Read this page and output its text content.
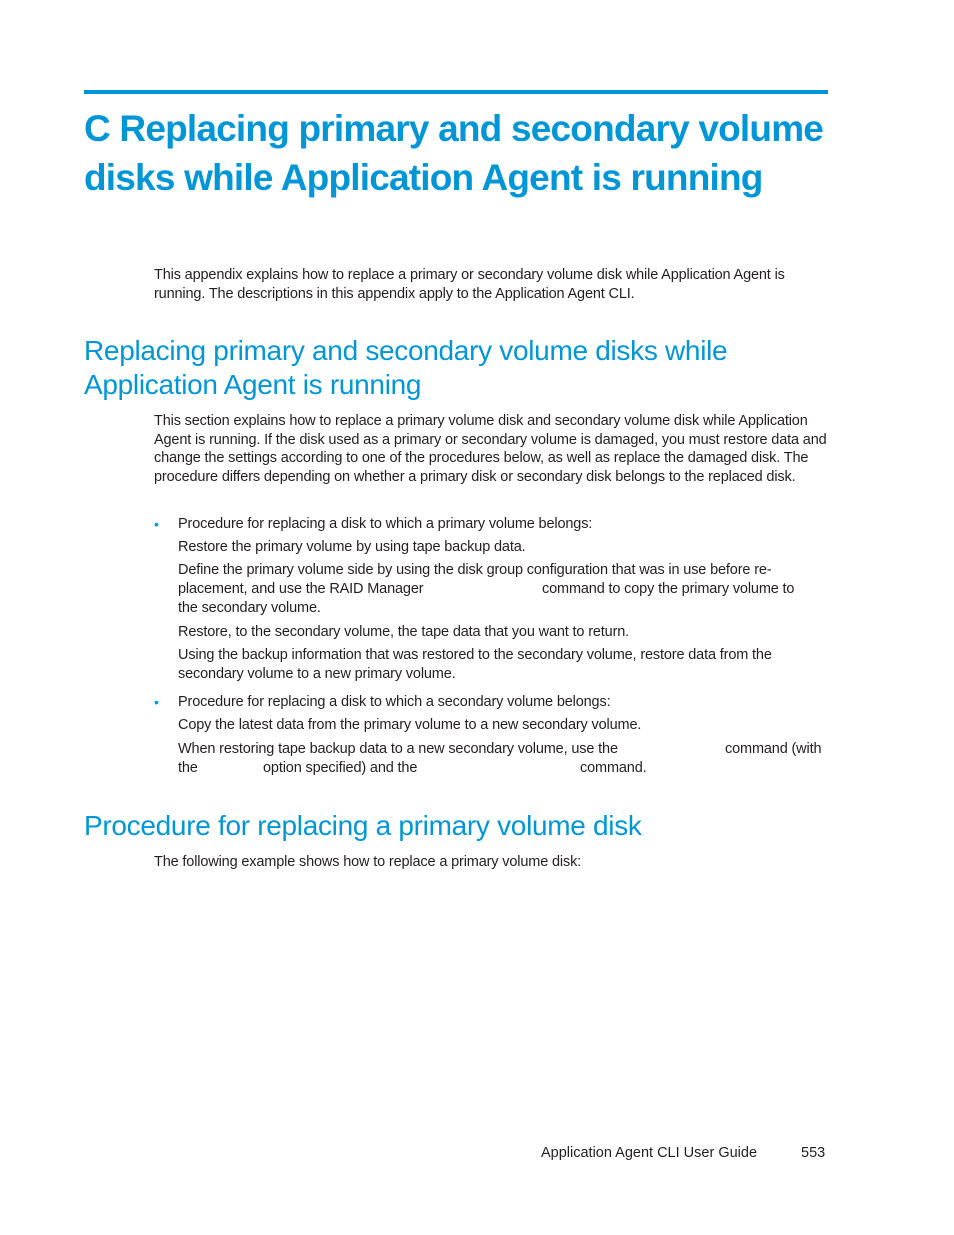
C Replacing primary and secondary volume disks while Application Agent is running

This appendix explains how to replace a primary or secondary volume disk while Application Agent is running. The descriptions in this appendix apply to the Application Agent CLI.

Replacing primary and secondary volume disks while Application Agent is running

This section explains how to replace a primary volume disk and secondary volume disk while Application Agent is running. If the disk used as a primary or secondary volume is damaged, you must restore data and change the settings according to one of the procedures below, as well as replace the damaged disk. The procedure differs depending on whether a primary disk or secondary disk belongs to the replaced disk.

• Procedure for replacing a disk to which a primary volume belongs:

Restore the primary volume by using tape backup data.

Define the primary volume side by using the disk group configuration that was in use before re-

placement, and use the RAID Manager	command to copy the primary volume to

the secondary volume.

Restore, to the secondary volume, the tape data that you want to return.

Using the backup information that was restored to the secondary volume, restore data from the

secondary volume to a new primary volume.

• Procedure for replacing a disk to which a secondary volume belongs:

Copy the latest data from the primary volume to a new secondary volume.

When restoring tape backup data to a new secondary volume, use the	command (with

the	option specified) and the	command.

Procedure for replacing a primary volume disk

The following example shows how to replace a primary volume disk:

Application Agent CLI User Guide	553
